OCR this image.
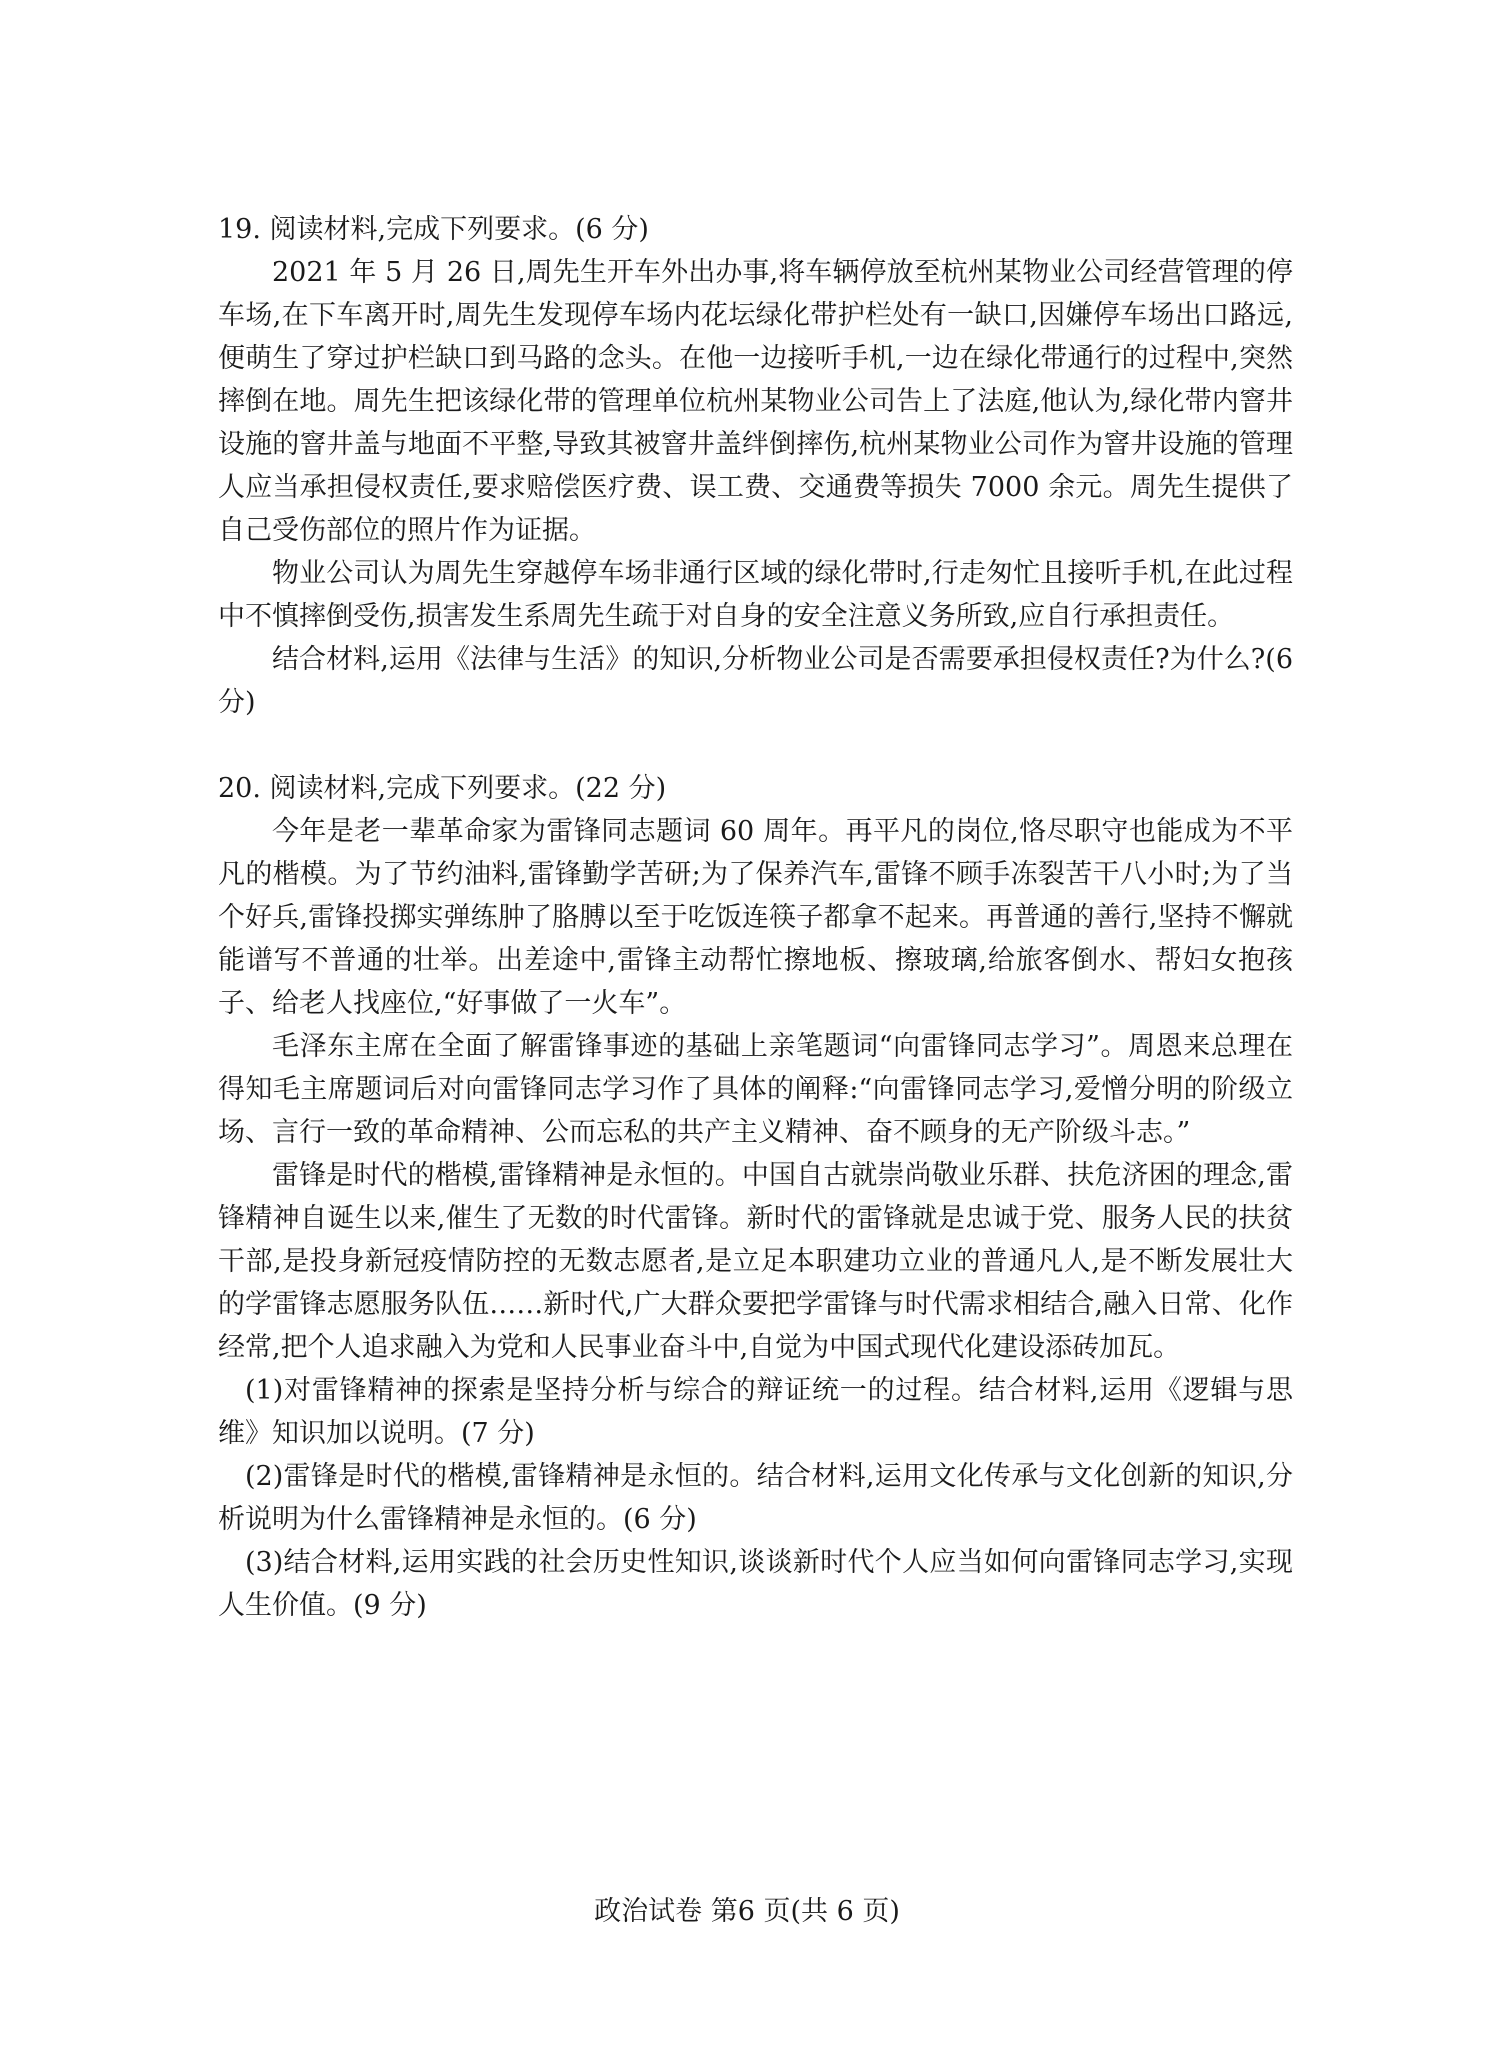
19. 阅读材料,完成下列要求。(6 分)

2021 年 5 月 26 日,周先生开车外出办事,将车辆停放至杭州某物业公司经营管理的停车场,在下车离开时,周先生发现停车场内花坛绿化带护栏处有一缺口,因嫌停车场出口路远,便萌生了穿过护栏缺口到马路的念头。在他一边接听手机,一边在绿化带通行的过程中,突然摔倒在地。周先生把该绿化带的管理单位杭州某物业公司告上了法庭,他认为,绿化带内窨井设施的窨井盖与地面不平整,导致其被窨井盖绊倒摔伤,杭州某物业公司作为窨井设施的管理人应当承担侵权责任,要求赔偿医疗费、误工费、交通费等损失 7000 余元。周先生提供了自己受伤部位的照片作为证据。

物业公司认为周先生穿越停车场非通行区域的绿化带时,行走匆忙且接听手机,在此过程中不慎摔倒受伤,损害发生系周先生疏于对自身的安全注意义务所致,应自行承担责任。

结合材料,运用《法律与生活》的知识,分析物业公司是否需要承担侵权责任?为什么?(6 分)

20. 阅读材料,完成下列要求。(22 分)

今年是老一辈革命家为雷锋同志题词 60 周年。再平凡的岗位,恪尽职守也能成为不平凡的楷模。为了节约油料,雷锋勤学苦研;为了保养汽车,雷锋不顾手冻裂苦干八小时;为了当个好兵,雷锋投掷实弹练肿了胳膊以至于吃饭连筷子都拿不起来。再普通的善行,坚持不懈就能谱写不普通的壮举。出差途中,雷锋主动帮忙擦地板、擦玻璃,给旅客倒水、帮妇女抱孩子、给老人找座位,“好事做了一火车”。

毛泽东主席在全面了解雷锋事迹的基础上亲笔题词“向雷锋同志学习”。周恩来总理在得知毛主席题词后对向雷锋同志学习作了具体的阐释:“向雷锋同志学习,爱憎分明的阶级立场、言行一致的革命精神、公而忘私的共产主义精神、奋不顾身的无产阶级斗志。”

雷锋是时代的楷模,雷锋精神是永恒的。中国自古就崇尚敬业乐群、扶危济困的理念,雷锋精神自诞生以来,催生了无数的时代雷锋。新时代的雷锋就是忠诚于党、服务人民的扶贫干部,是投身新冠疫情防控的无数志愿者,是立足本职建功立业的普通凡人,是不断发展壮大的学雷锋志愿服务队伍……新时代,广大群众要把学雷锋与时代需求相结合,融入日常、化作经常,把个人追求融入为党和人民事业奋斗中,自觉为中国式现代化建设添砖加瓦。

(1)对雷锋精神的探索是坚持分析与综合的辩证统一的过程。结合材料,运用《逻辑与思维》知识加以说明。(7 分)

(2)雷锋是时代的楷模,雷锋精神是永恒的。结合材料,运用文化传承与文化创新的知识,分析说明为什么雷锋精神是永恒的。(6 分)

(3)结合材料,运用实践的社会历史性知识,谈谈新时代个人应当如何向雷锋同志学习,实现人生价值。(9 分)

政治试卷 第6 页(共 6 页)
